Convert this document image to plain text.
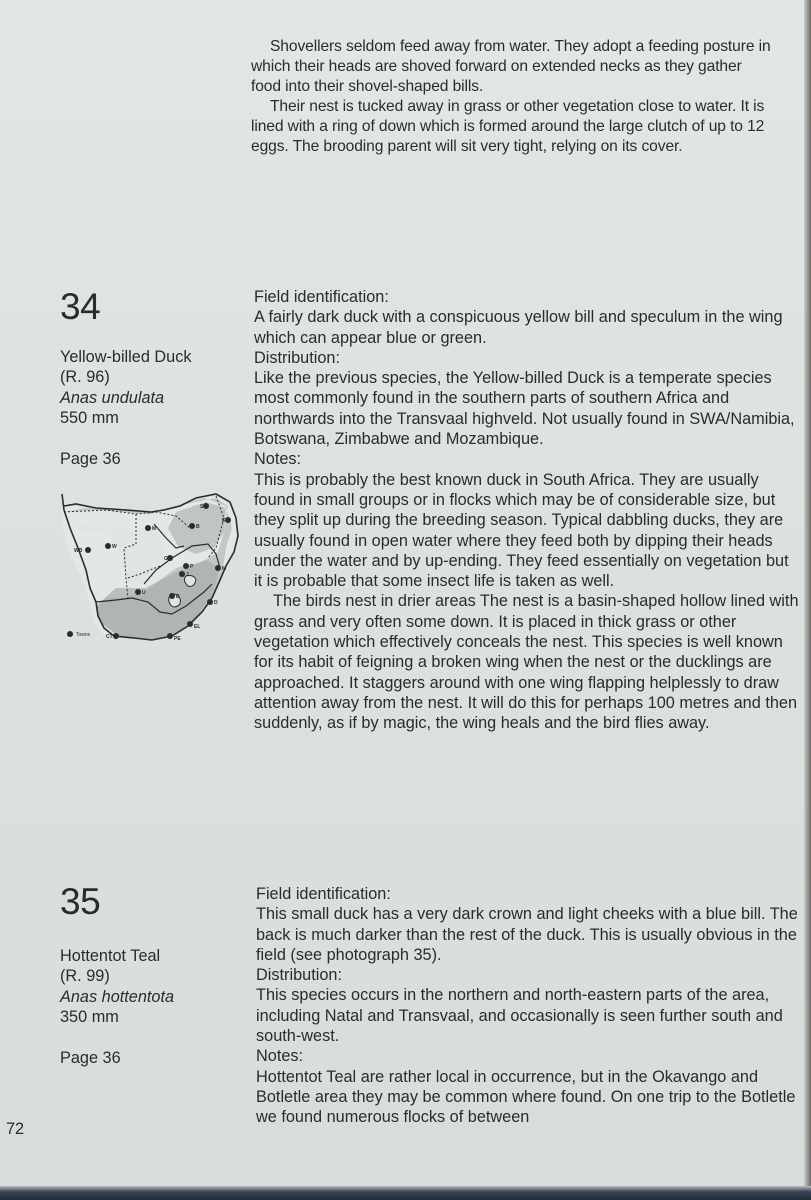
Shovellers seldom feed away from water. They adopt a feeding posture in which their heads are shoved forward on extended necks as they gather food into their shovel-shaped bills.

Their nest is tucked away in grass or other vegetation close to water. It is lined with a ring of down which is formed around the large clutch of up to 12 eggs. The brooding parent will sit very tight, relying on its cover.

34
Yellow-billed Duck
(R. 96)
Anas undulata
550 mm
Page 36
WB
W
M
S
B
E
G
P
J
M
U
B
D
EL
CT	PE
Towns
Field identification:

A fairly dark duck with a conspicuous yellow bill and speculum in the wing which can appear blue or green.

Distribution:

Like the previous species, the Yellow-billed Duck is a temperate species most commonly found in the southern parts of southern Africa and northwards into the Transvaal highveld. Not usually found in SWA/Namibia, Botswana, Zimbabwe and Mozambique.

Notes:

This is probably the best known duck in South Africa. They are usually found in small groups or in flocks which may be of considerable size, but they split up during the breeding season. Typical dabbling ducks, they are usually found in open water where they feed both by dipping their heads under the water and by up-ending. They feed essentially on vegetation but it is probable that some insect life is taken as well.

The birds nest in drier areas The nest is a basin-shaped hollow lined with grass and very often some down. It is placed in thick grass or other vegetation which effectively conceals the nest. This species is well known for its habit of feigning a broken wing when the nest or the ducklings are approached. It staggers around with one wing flapping helplessly to draw attention away from the nest. It will do this for perhaps 100 metres and then suddenly, as if by magic, the wing heals and the bird flies away.

35
Hottentot Teal
(R. 99)
Anas hottentota
350 mm
Page 36
Field identification:

This small duck has a very dark crown and light cheeks with a blue bill. The back is much darker than the rest of the duck. This is usually obvious in the field (see photograph 35).

Distribution:

This species occurs in the northern and north-eastern parts of the area, including Natal and Transvaal, and occasionally is seen further south and south-west.

Notes:

Hottentot Teal are rather local in occurrence, but in the Okavango and Botletle area they may be common where found. On one trip to the Botletle we found numerous flocks of between

72
